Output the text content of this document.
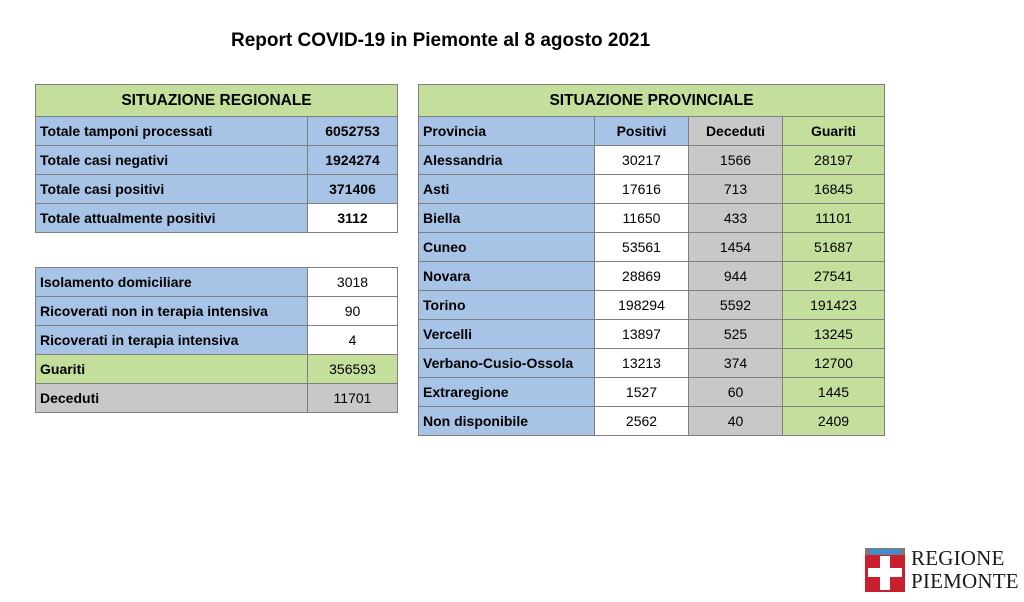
Report COVID-19 in Piemonte al 8 agosto 2021
SITUAZIONE REGIONALE	
Totale tamponi processati	6052753
Totale casi negativi	1924274
Totale casi positivi	371406
Totale attualmente positivi	3112
Isolamento domiciliare	3018
Ricoverati non in terapia intensiva	90
Ricoverati in terapia intensiva	4
Guariti	356593
Deceduti	11701
SITUAZIONE PROVINCIALE			
Provincia	Positivi	Deceduti	Guariti
Alessandria	30217	1566	28197
Asti	17616	713	16845
Biella	11650	433	11101
Cuneo	53561	1454	51687
Novara	28869	944	27541
Torino	198294	5592	191423
Vercelli	13897	525	13245
Verbano-Cusio-Ossola	13213	374	12700
Extraregione	1527	60	1445
Non disponibile	2562	40	2409
REGIONE
PIEMONTE
